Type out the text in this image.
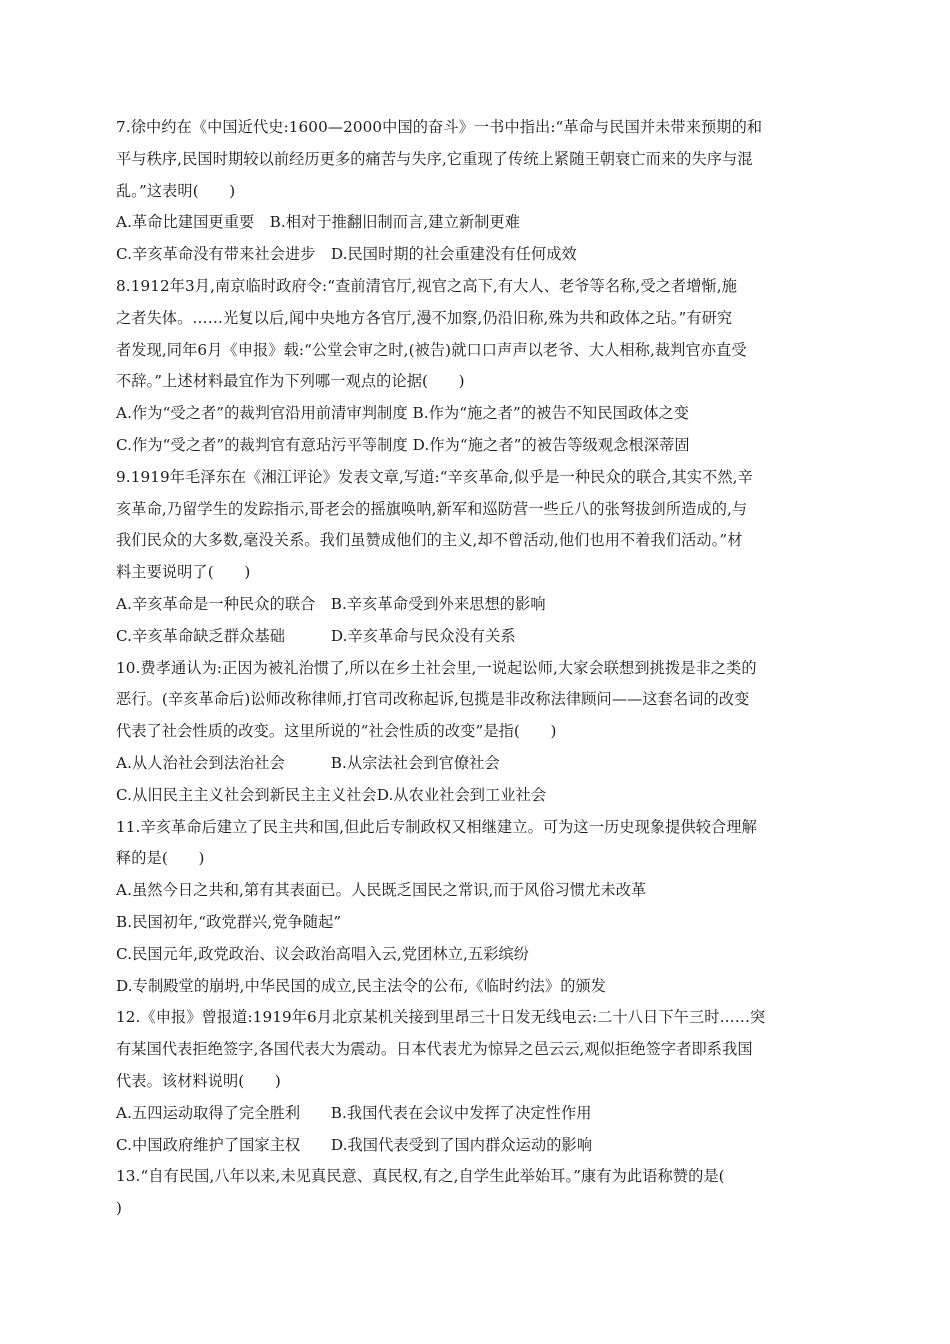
7.徐中约在《中国近代史:1600—2000中国的奋斗》一书中指出:“革命与民国并未带来预期的和
平与秩序,民国时期较以前经历更多的痛苦与失序,它重现了传统上紧随王朝衰亡而来的失序与混
乱。”这表明(　　)
A.革命比建国更重要　B.相对于推翻旧制而言,建立新制更难
C.辛亥革命没有带来社会进步　D.民国时期的社会重建没有任何成效
8.1912年3月,南京临时政府令:“查前清官厅,视官之高下,有大人、老爷等名称,受之者增惭,施
之者失体。……光复以后,闻中央地方各官厅,漫不加察,仍沿旧称,殊为共和政体之玷。”有研究
者发现,同年6月《申报》载:“公堂会审之时,(被告)就口口声声以老爷、大人相称,裁判官亦直受
不辞。”上述材料最宜作为下列哪一观点的论据(　　)
A.作为“受之者”的裁判官沿用前清审判制度 B.作为“施之者”的被告不知民国政体之变
C.作为“受之者”的裁判官有意玷污平等制度 D.作为“施之者”的被告等级观念根深蒂固
9.1919年毛泽东在《湘江评论》发表文章,写道:“辛亥革命,似乎是一种民众的联合,其实不然,辛
亥革命,乃留学生的发踪指示,哥老会的摇旗唤呐,新军和巡防营一些丘八的张弩拔剑所造成的,与
我们民众的大多数,毫没关系。我们虽赞成他们的主义,却不曾活动,他们也用不着我们活动。”材
料主要说明了(　　)
A.辛亥革命是一种民众的联合　B.辛亥革命受到外来思想的影响
C.辛亥革命缺乏群众基础　　　D.辛亥革命与民众没有关系
10.费孝通认为:正因为被礼治惯了,所以在乡土社会里,一说起讼师,大家会联想到挑拨是非之类的
恶行。(辛亥革命后)讼师改称律师,打官司改称起诉,包揽是非改称法律顾问——这套名词的改变
代表了社会性质的改变。这里所说的“社会性质的改变”是指(　　)
A.从人治社会到法治社会　　　B.从宗法社会到官僚社会
C.从旧民主主义社会到新民主主义社会D.从农业社会到工业社会
11.辛亥革命后建立了民主共和国,但此后专制政权又相继建立。可为这一历史现象提供较合理解
释的是(　　)
A.虽然今日之共和,第有其表面已。人民既乏国民之常识,而于风俗习惯尤未改革
B.民国初年,“政党群兴,党争随起”
C.民国元年,政党政治、议会政治高唱入云,党团林立,五彩缤纷
D.专制殿堂的崩坍,中华民国的成立,民主法令的公布,《临时约法》的颁发
12.《申报》曾报道:1919年6月北京某机关接到里昂三十日发无线电云:二十八日下午三时……突
有某国代表拒绝签字,各国代表大为震动。日本代表尤为惊异之邑云云,观似拒绝签字者即系我国
代表。该材料说明(　　)
A.五四运动取得了完全胜利　　B.我国代表在会议中发挥了决定性作用
C.中国政府维护了国家主权　　D.我国代表受到了国内群众运动的影响
13.“自有民国,八年以来,未见真民意、真民权,有之,自学生此举始耳。”康有为此语称赞的是(
)
